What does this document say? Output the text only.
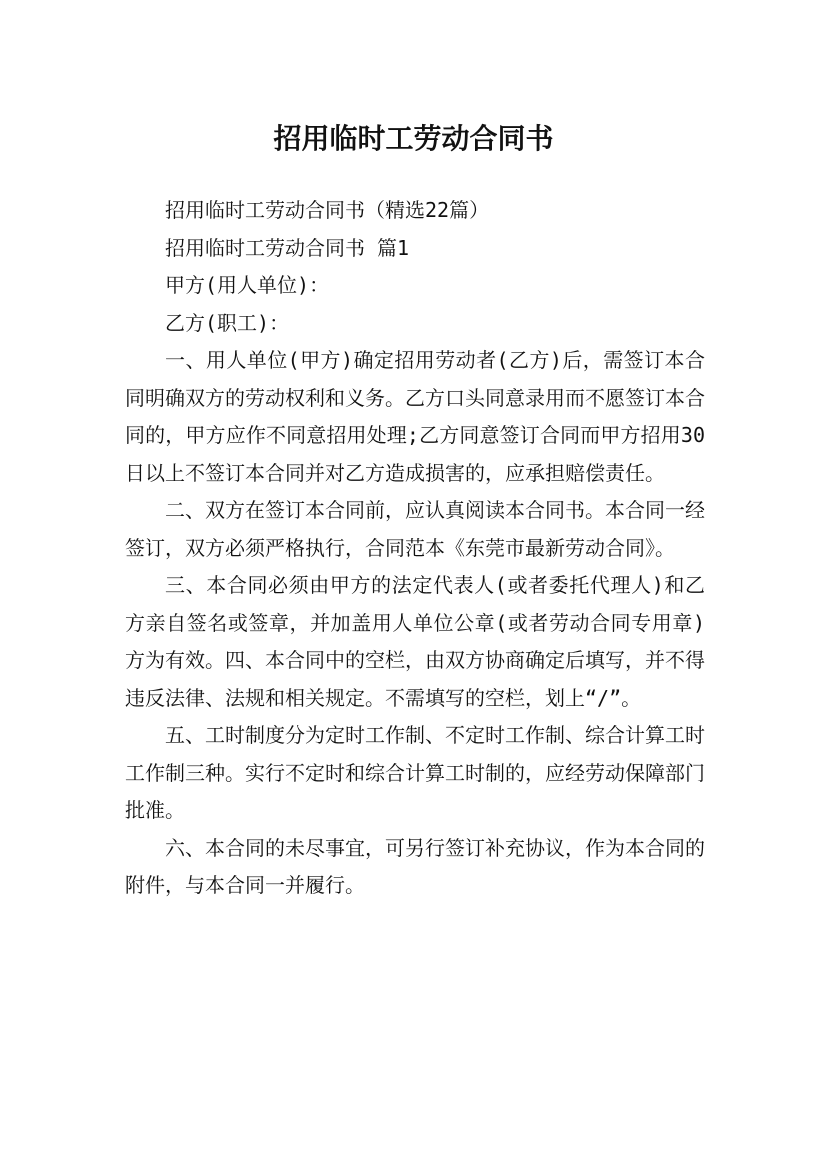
招用临时工劳动合同书

招用临时工劳动合同书（精选22篇）

招用临时工劳动合同书 篇1

甲方(用人单位)：

乙方(职工)：

一、用人单位(甲方)确定招用劳动者(乙方)后，需签订本合同明确双方的劳动权利和义务。乙方口头同意录用而不愿签订本合同的，甲方应作不同意招用处理;乙方同意签订合同而甲方招用30日以上不签订本合同并对乙方造成损害的，应承担赔偿责任。

二、双方在签订本合同前，应认真阅读本合同书。本合同一经签订，双方必须严格执行，合同范本《东莞市最新劳动合同》。

三、本合同必须由甲方的法定代表人(或者委托代理人)和乙方亲自签名或签章，并加盖用人单位公章(或者劳动合同专用章)方为有效。四、本合同中的空栏，由双方协商确定后填写，并不得违反法律、法规和相关规定。不需填写的空栏，划上“/”。

五、工时制度分为定时工作制、不定时工作制、综合计算工时工作制三种。实行不定时和综合计算工时制的，应经劳动保障部门批准。

六、本合同的未尽事宜，可另行签订补充协议，作为本合同的附件，与本合同一并履行。
